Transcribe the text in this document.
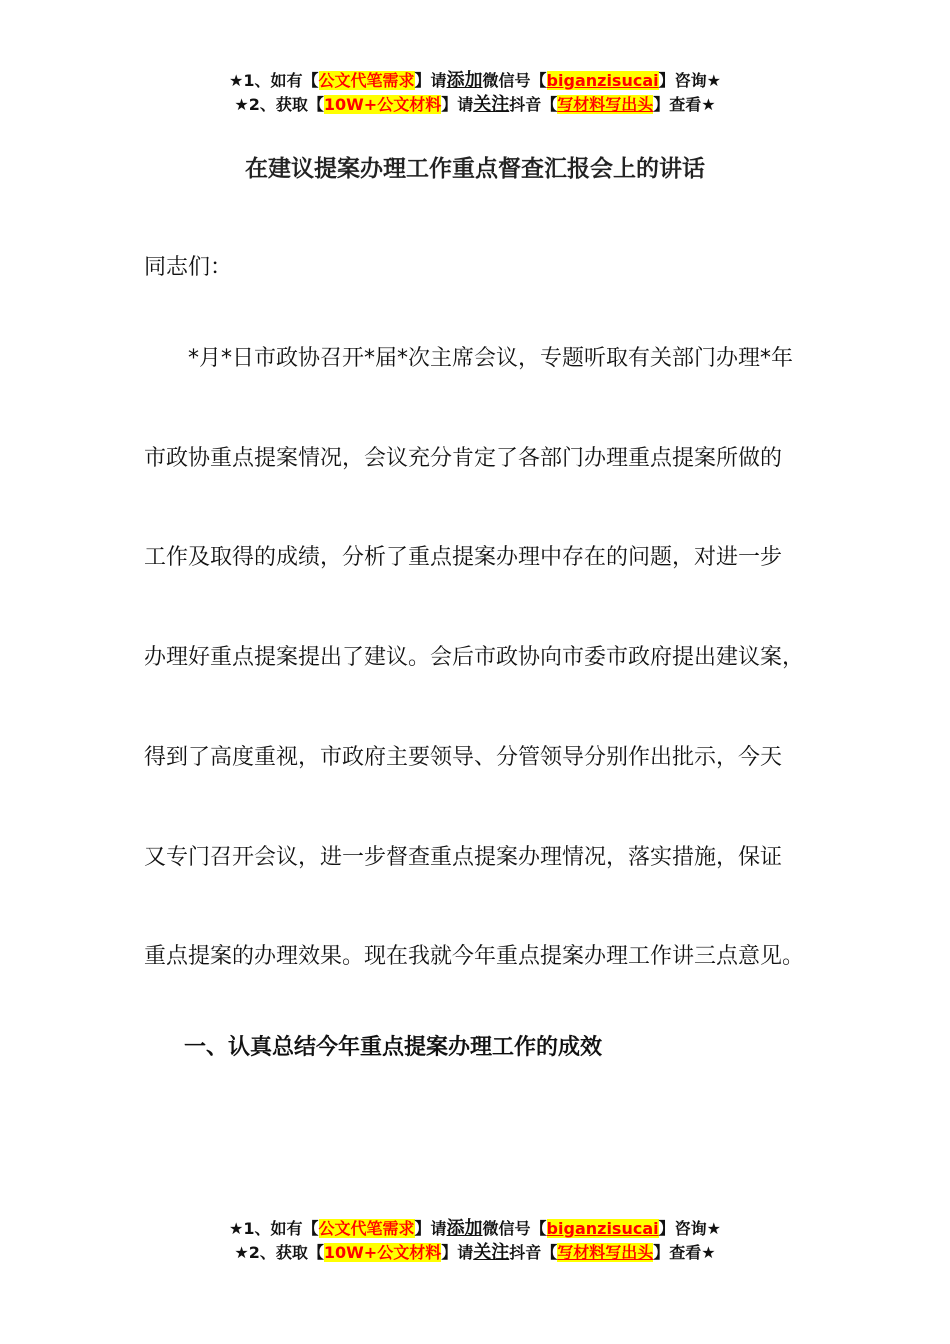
★1、如有【公文代笔需求】请添加微信号【biganzisucai】咨询★
★2、获取【10W+公文材料】请关注抖音【写材料写出头】查看★
在建议提案办理工作重点督查汇报会上的讲话
同志们：
　　*月*日市政协召开*届*次主席会议，专题听取有关部门办理*年
市政协重点提案情况，会议充分肯定了各部门办理重点提案所做的
工作及取得的成绩，分析了重点提案办理中存在的问题，对进一步
办理好重点提案提出了建议。会后市政协向市委市政府提出建议案，
得到了高度重视，市政府主要领导、分管领导分别作出批示，今天
又专门召开会议，进一步督查重点提案办理情况，落实措施，保证
重点提案的办理效果。现在我就今年重点提案办理工作讲三点意见。
一、认真总结今年重点提案办理工作的成效
★1、如有【公文代笔需求】请添加微信号【biganzisucai】咨询★
★2、获取【10W+公文材料】请关注抖音【写材料写出头】查看★
